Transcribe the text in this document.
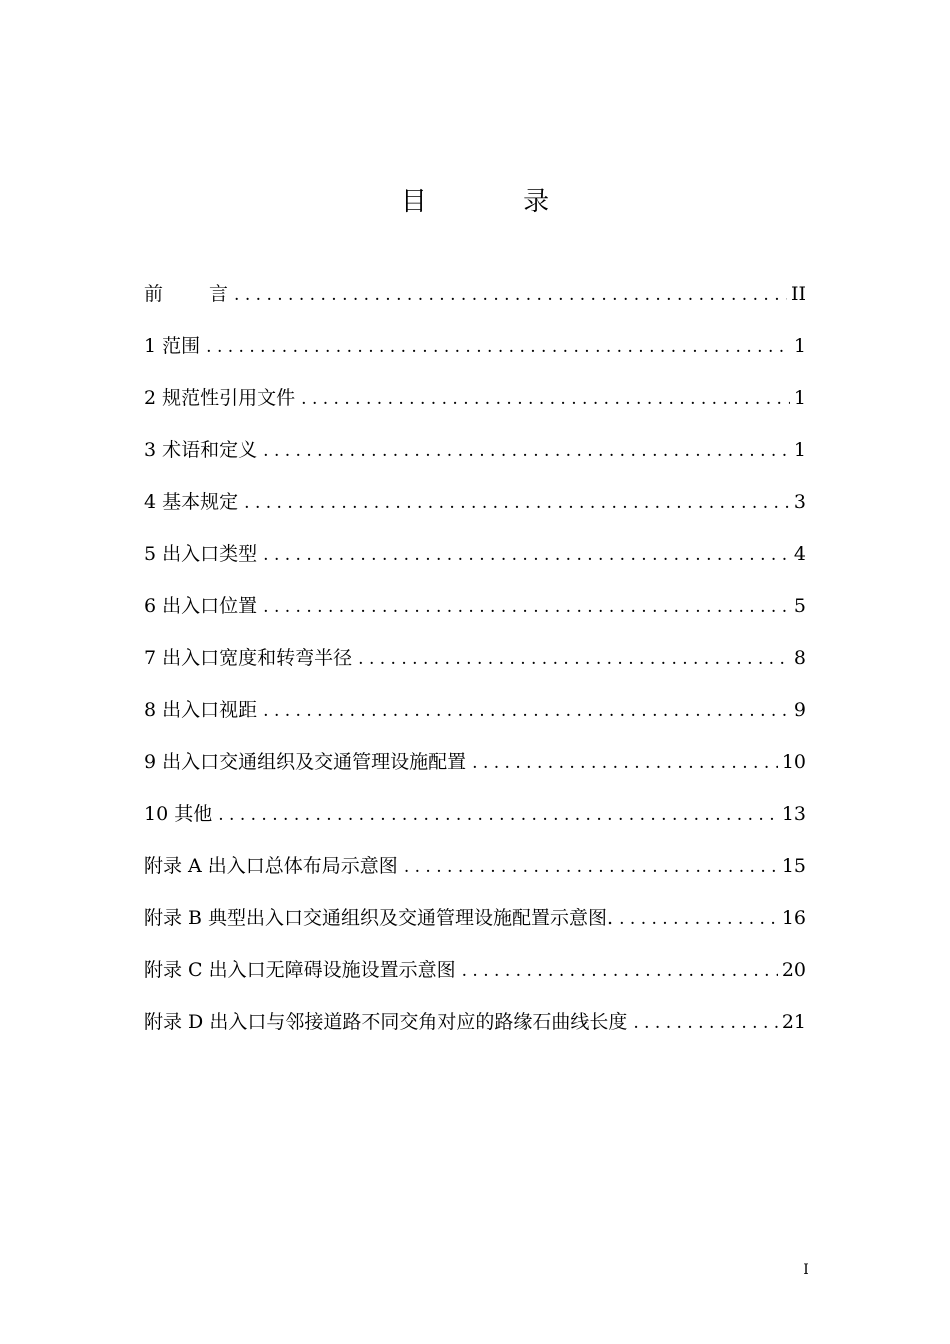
目 录
前言 .....	II
1 范围 .....	1
2 规范性引用文件 .....	1
3 术语和定义 .....	1
4 基本规定 .....	3
5 出入口类型 .....	4
6 出入口位置 .....	5
7 出入口宽度和转弯半径 .....	8
8 出入口视距 .....	9
9 出入口交通组织及交通管理设施配置 .....	10
10 其他 .....	13
附录 A 出入口总体布局示意图 .....	15
附录 B 典型出入口交通组织及交通管理设施配置示意图. .....	16
附录 C 出入口无障碍设施设置示意图 .....	20
附录 D 出入口与邻接道路不同交角对应的路缘石曲线长度 .....	21
I
